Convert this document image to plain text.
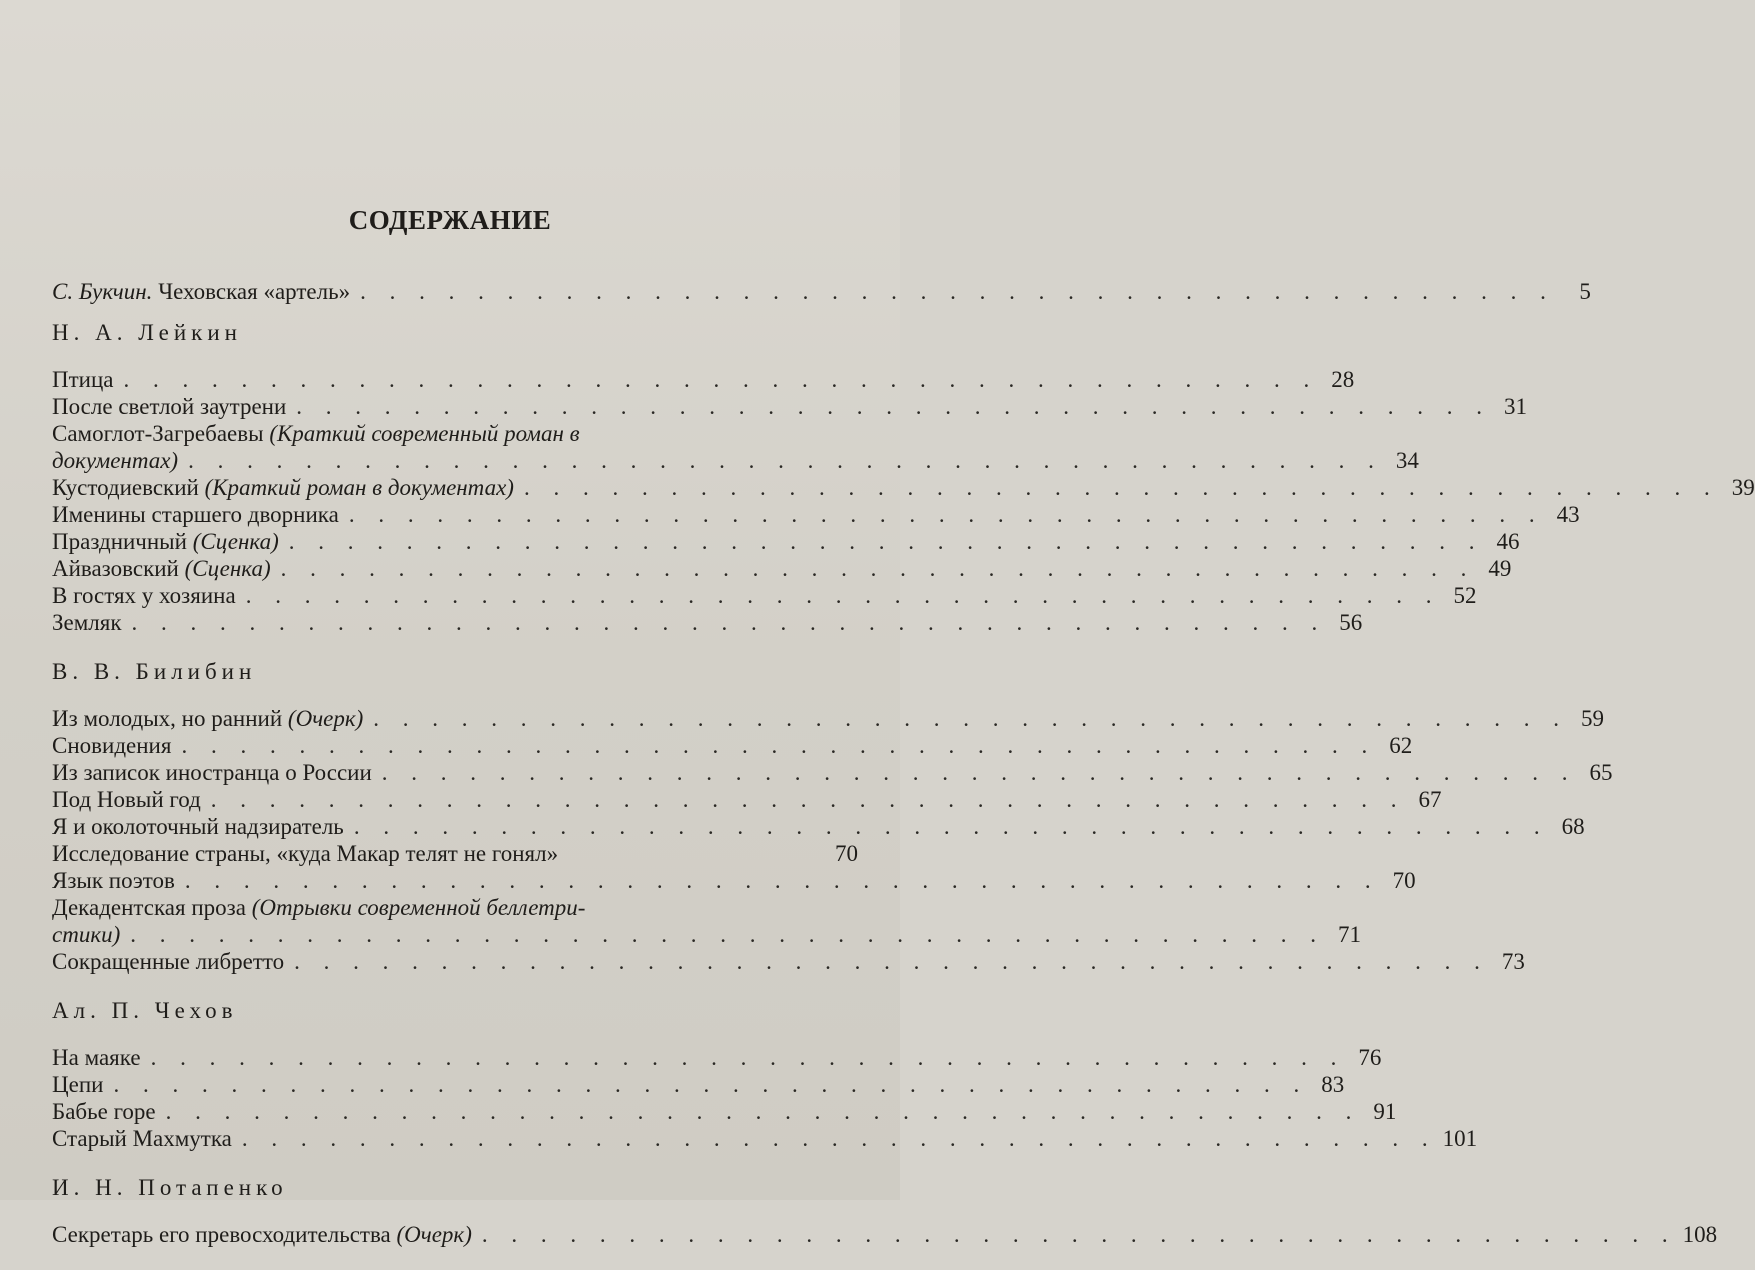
СОДЕРЖАНИЕ
С. Букчин. Чеховская «артель» . . . . . . . . . . . . . . . . . . . . . . . . . . . . . . . . . . . . . . . . .	5
Н. А. Лейкин
Птица . . . . . . . . . . . . . . . . . . . . . . . . . . . . . . . . . . . . . . . . . 28
После светлой заутрени . . . . . . . . . . . . . . . . . . . . . . . . . . . . . . . . . . . . . . . . . 31
Самоглот-Загребаевы (Краткий современный роман в
документах) . . . . . . . . . . . . . . . . . . . . . . . . . . . . . . . . . . . . . . . . . 34
Кустодиевский (Краткий роман в документах) . . . . . . . . . . . . . . . . . . . . . . . . . . . . . . . . . . . . . . . . . 39
Именины старшего дворника . . . . . . . . . . . . . . . . . . . . . . . . . . . . . . . . . . . . . . . . . 43
Праздничный (Сценка) . . . . . . . . . . . . . . . . . . . . . . . . . . . . . . . . . . . . . . . . . 46
Айвазовский (Сценка) . . . . . . . . . . . . . . . . . . . . . . . . . . . . . . . . . . . . . . . . . 49
В гостях у хозяина . . . . . . . . . . . . . . . . . . . . . . . . . . . . . . . . . . . . . . . . . 52
Земляк . . . . . . . . . . . . . . . . . . . . . . . . . . . . . . . . . . . . . . . . . 56
В. В. Билибин
Из молодых, но ранний (Очерк) . . . . . . . . . . . . . . . . . . . . . . . . . . . . . . . . . . . . . . . . . 59
Сновидения . . . . . . . . . . . . . . . . . . . . . . . . . . . . . . . . . . . . . . . . . 62
Из записок иностранца о России . . . . . . . . . . . . . . . . . . . . . . . . . . . . . . . . . . . . . . . . . 65
Под Новый год . . . . . . . . . . . . . . . . . . . . . . . . . . . . . . . . . . . . . . . . . 67
Я и околоточный надзиратель . . . . . . . . . . . . . . . . . . . . . . . . . . . . . . . . . . . . . . . . . 68
Исследование страны, «куда Макар телят не гонял»	70
Язык поэтов . . . . . . . . . . . . . . . . . . . . . . . . . . . . . . . . . . . . . . . . . 70
Декадентская проза (Отрывки современной беллетри-
стики) . . . . . . . . . . . . . . . . . . . . . . . . . . . . . . . . . . . . . . . . . 71
Сокращенные либретто . . . . . . . . . . . . . . . . . . . . . . . . . . . . . . . . . . . . . . . . . 73
Ал. П. Чехов
На маяке . . . . . . . . . . . . . . . . . . . . . . . . . . . . . . . . . . . . . . . . . 76
Цепи . . . . . . . . . . . . . . . . . . . . . . . . . . . . . . . . . . . . . . . . . 83
Бабье горе . . . . . . . . . . . . . . . . . . . . . . . . . . . . . . . . . . . . . . . . . 91
Старый Махмутка . . . . . . . . . . . . . . . . . . . . . . . . . . . . . . . . . . . . . . . . . 101
И. Н. Потапенко
Секретарь его превосходительства (Очерк) . . . . . . . . . . . . . . . . . . . . . . . . . . . . . . . . . . . . . . . . . 108
